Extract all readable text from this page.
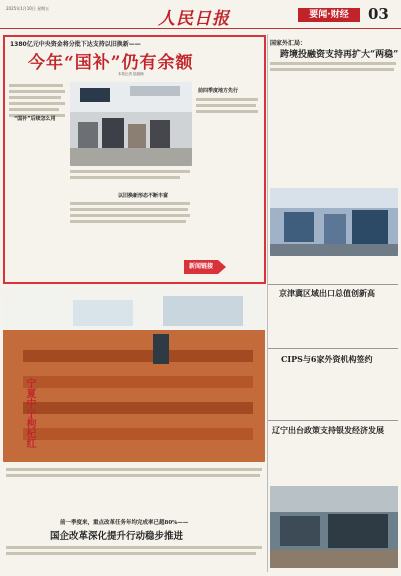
2025年1月10日 星期五
人民日报	要闻·财经	03
1380亿元中央资金将分批下达支持以旧换新——
今年“国补”仍有余额
本报记者 陆娅楠
“国补”后续怎么用
前四季度地方先行
以旧换新形态不断丰富
新闻链接
国家外汇局：
跨境投融资支持再扩大“两稳”
京津冀区域出口总值创新高
CIPS与6家外资机构签约
辽宁出台政策支持银发经济发展
宁夏中宁枸杞红
前一季度来，重点改革任务年均完成率已超80%——
国企改革深化提升行动稳步推进
